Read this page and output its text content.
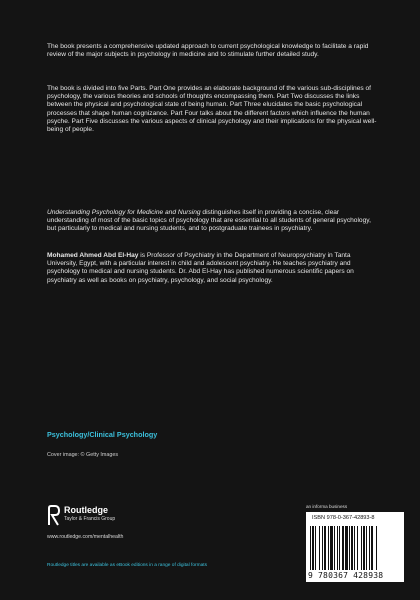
The book presents a comprehensive updated approach to current psychological knowledge to facilitate a rapid review of the major subjects in psychology in medicine and to stimulate further detailed study.

The book is divided into five Parts. Part One provides an elaborate background of the various sub-disciplines of psychology, the various theories and schools of thoughts encompassing them. Part Two discusses the links between the physical and psychological state of being human. Part Three elucidates the basic psychological processes that shape human cognizance. Part Four talks about the different factors which influence the human psyche. Part Five discusses the various aspects of clinical psychology and their implications for the physical well-being of people.

Understanding Psychology for Medicine and Nursing distinguishes itself in providing a concise, clear understanding of most of the basic topics of psychology that are essential to all students of general psychology, but particularly to medical and nursing students, and to postgraduate trainees in psychiatry.

Mohamed Ahmed Abd El-Hay is Professor of Psychiatry in the Department of Neuropsychiatry in Tanta University, Egypt, with a particular interest in child and adolescent psychiatry. He teaches psychiatry and psychology to medical and nursing students. Dr. Abd El-Hay has published numerous scientific papers on psychiatry as well as books on psychiatry, psychology, and social psychology.

Psychology/Clinical Psychology
Cover image: © Getty Images
Routledge
Taylor & Francis Group
www.routledge.com/mentalhealth
Routledge titles are available as eBook editions in a range of digital formats
an informa business
ISBN 978-0-367-42893-8
9 780367 428938
